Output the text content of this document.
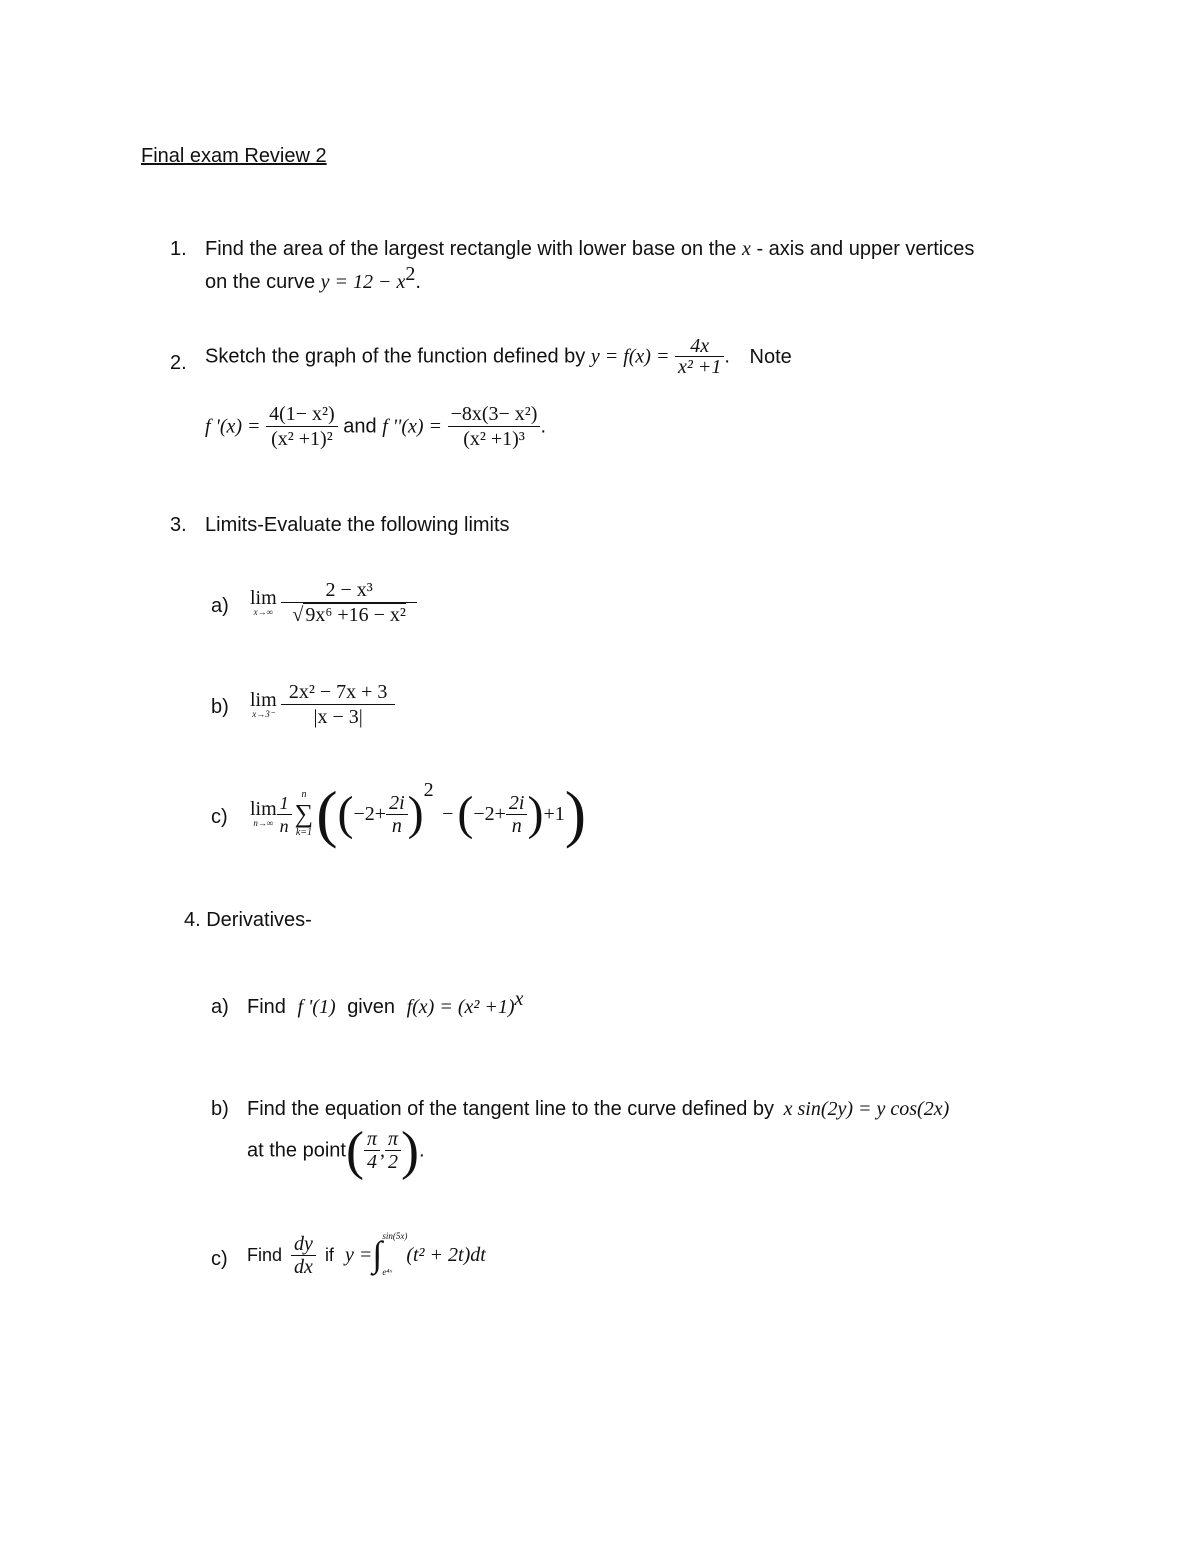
Final exam Review 2
1. Find the area of the largest rectangle with lower base on the x - axis and upper vertices
on the curve $y = 12 - x^2$.
2. Sketch the graph of the function defined by $y = f(x) = \frac{4x}{\text{x² +1}}$ . Note
f '$(x) = \frac{\text{4(1− x²)}}{\text{(x² +1)²}}$ and f ''$(x) = \frac{\text{−8x(3− x²)}}{\text{(x² +1)³}}$ .
3. Limits-Evaluate the following limits
a) lim
x→∞
$\frac{\text{2 − x³}}{\text{√ 9x⁶ +16 − x²}}$
b) lim
x→3⁻
$\frac{\text{2x² − 7x + 3}}{|x - 3|}$
c) lim
$n\to\infty \frac{1}{n}$ n
∑
k=1 $((-2+ \frac{2i}{n} )^2 -(-2+ \frac{2i}{n} )+1)$
4. Derivatives-
a) Find f '(1) given $f(x) = (x^2 +1)^x$
b) Find the equation of the tangent line to the curve defined by x sin(2y) = y cos(2x)
at the point( $\frac{\pi}{4}$ , $\frac{\pi}{2}$ ).
c) Find $\frac{dy}{dx}$ if y = ∫ sin(5x)
e⁴ˣ
(t² + 2t)dt
